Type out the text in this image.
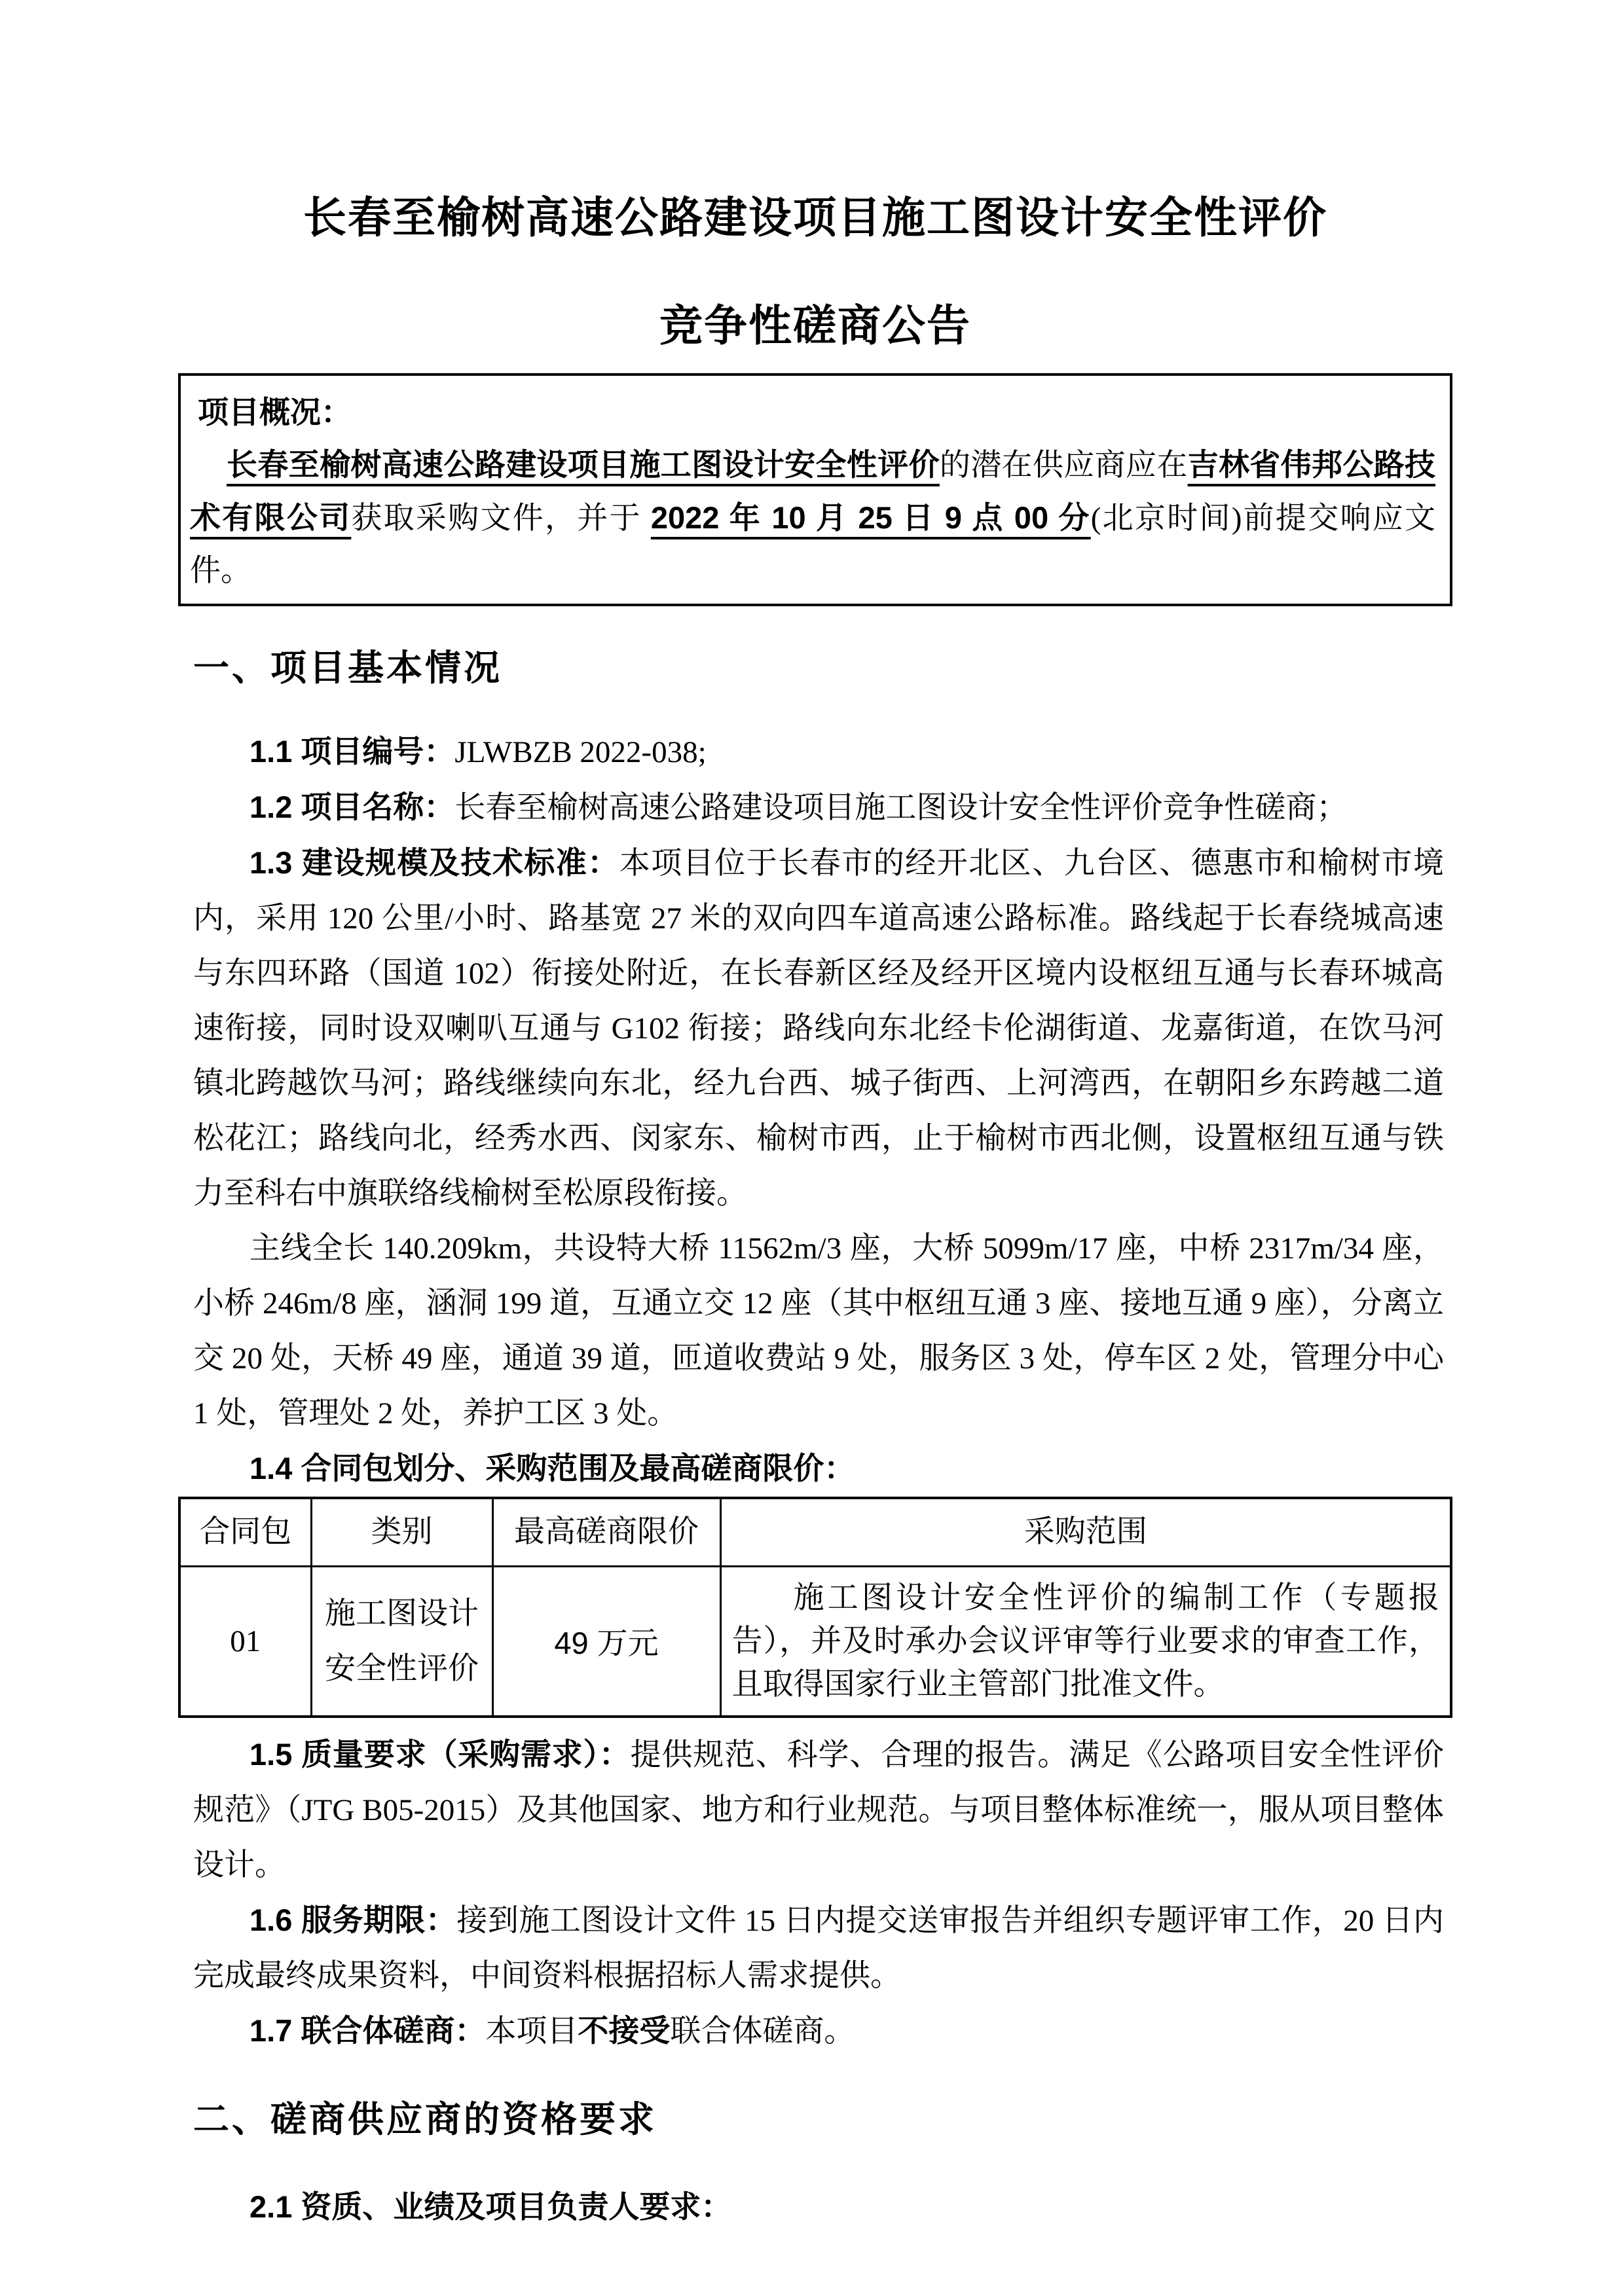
长春至榆树高速公路建设项目施工图设计安全性评价
竞争性磋商公告
项目概况：

长春至榆树高速公路建设项目施工图设计安全性评价的潜在供应商应在吉林省伟邦公路技术有限公司获取采购文件，并于 2022 年 10 月 25 日 9 点 00 分(北京时间)前提交响应文件。

一、项目基本情况

1.1 项目编号：JLWBZB 2022-038;

1.2 项目名称：长春至榆树高速公路建设项目施工图设计安全性评价竞争性磋商；

1.3 建设规模及技术标准：本项目位于长春市的经开北区、九台区、德惠市和榆树市境内，采用 120 公里/小时、路基宽 27 米的双向四车道高速公路标准。路线起于长春绕城高速与东四环路（国道 102）衔接处附近，在长春新区经及经开区境内设枢纽互通与长春环城高速衔接，同时设双喇叭互通与 G102 衔接；路线向东北经卡伦湖街道、龙嘉街道，在饮马河镇北跨越饮马河；路线继续向东北，经九台西、城子街西、上河湾西，在朝阳乡东跨越二道松花江；路线向北，经秀水西、闵家东、榆树市西，止于榆树市西北侧，设置枢纽互通与铁力至科右中旗联络线榆树至松原段衔接。

主线全长 140.209km，共设特大桥 11562m/3 座，大桥 5099m/17 座，中桥 2317m/34 座，小桥 246m/8 座，涵洞 199 道，互通立交 12 座（其中枢纽互通 3 座、接地互通 9 座），分离立交 20 处，天桥 49 座，通道 39 道，匝道收费站 9 处，服务区 3 处，停车区 2 处，管理分中心 1 处，管理处 2 处，养护工区 3 处。

1.4 合同包划分、采购范围及最高磋商限价：

合同包	类别	最高磋商限价	采购范围
01	施工图设计安全性评价	49 万元	施工图设计安全性评价的编制工作（专题报告），并及时承办会议评审等行业要求的审查工作，且取得国家行业主管部门批准文件。

1.5 质量要求（采购需求）：提供规范、科学、合理的报告。满足《公路项目安全性评价规范》（JTG B05-2015）及其他国家、地方和行业规范。与项目整体标准统一，服从项目整体设计。

1.6 服务期限：接到施工图设计文件 15 日内提交送审报告并组织专题评审工作，20 日内完成最终成果资料，中间资料根据招标人需求提供。

1.7 联合体磋商：本项目不接受联合体磋商。

二、磋商供应商的资格要求

2.1 资质、业绩及项目负责人要求：
